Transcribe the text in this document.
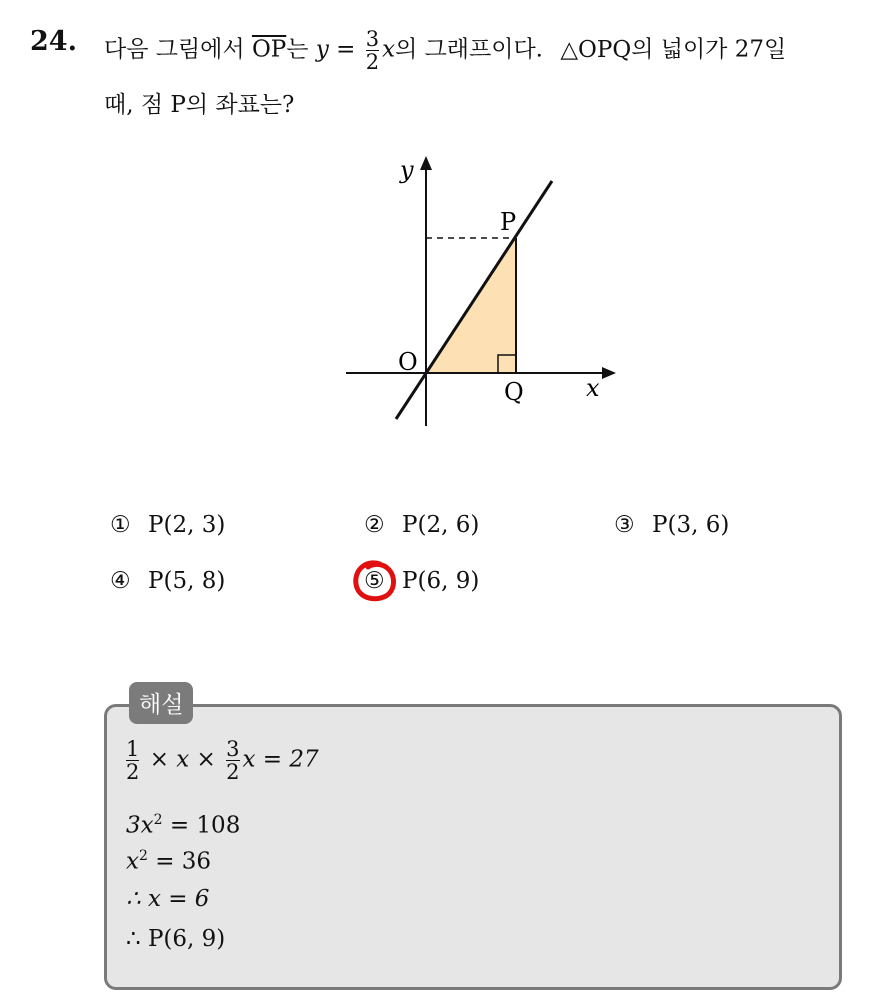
24. 다음 그림에서 $\overline{OP}$는 $y = \frac{3}{2}$ x의 그래프이다. △OPQ의 넓이가 27일
때, 점 P의 좌표는?
y
x
O
P
Q
① P(2, 3)	② P(2, 6)	③ P(3, 6)
④ P(5, 8)	⑤ P(6, 9)
해설
$\frac{1}{2} \times x \times \frac{3}{2}$ x = 27
$3x^2 = 108$
$x^2 = 36$
∴ x = 6
∴ P(6, 9)
